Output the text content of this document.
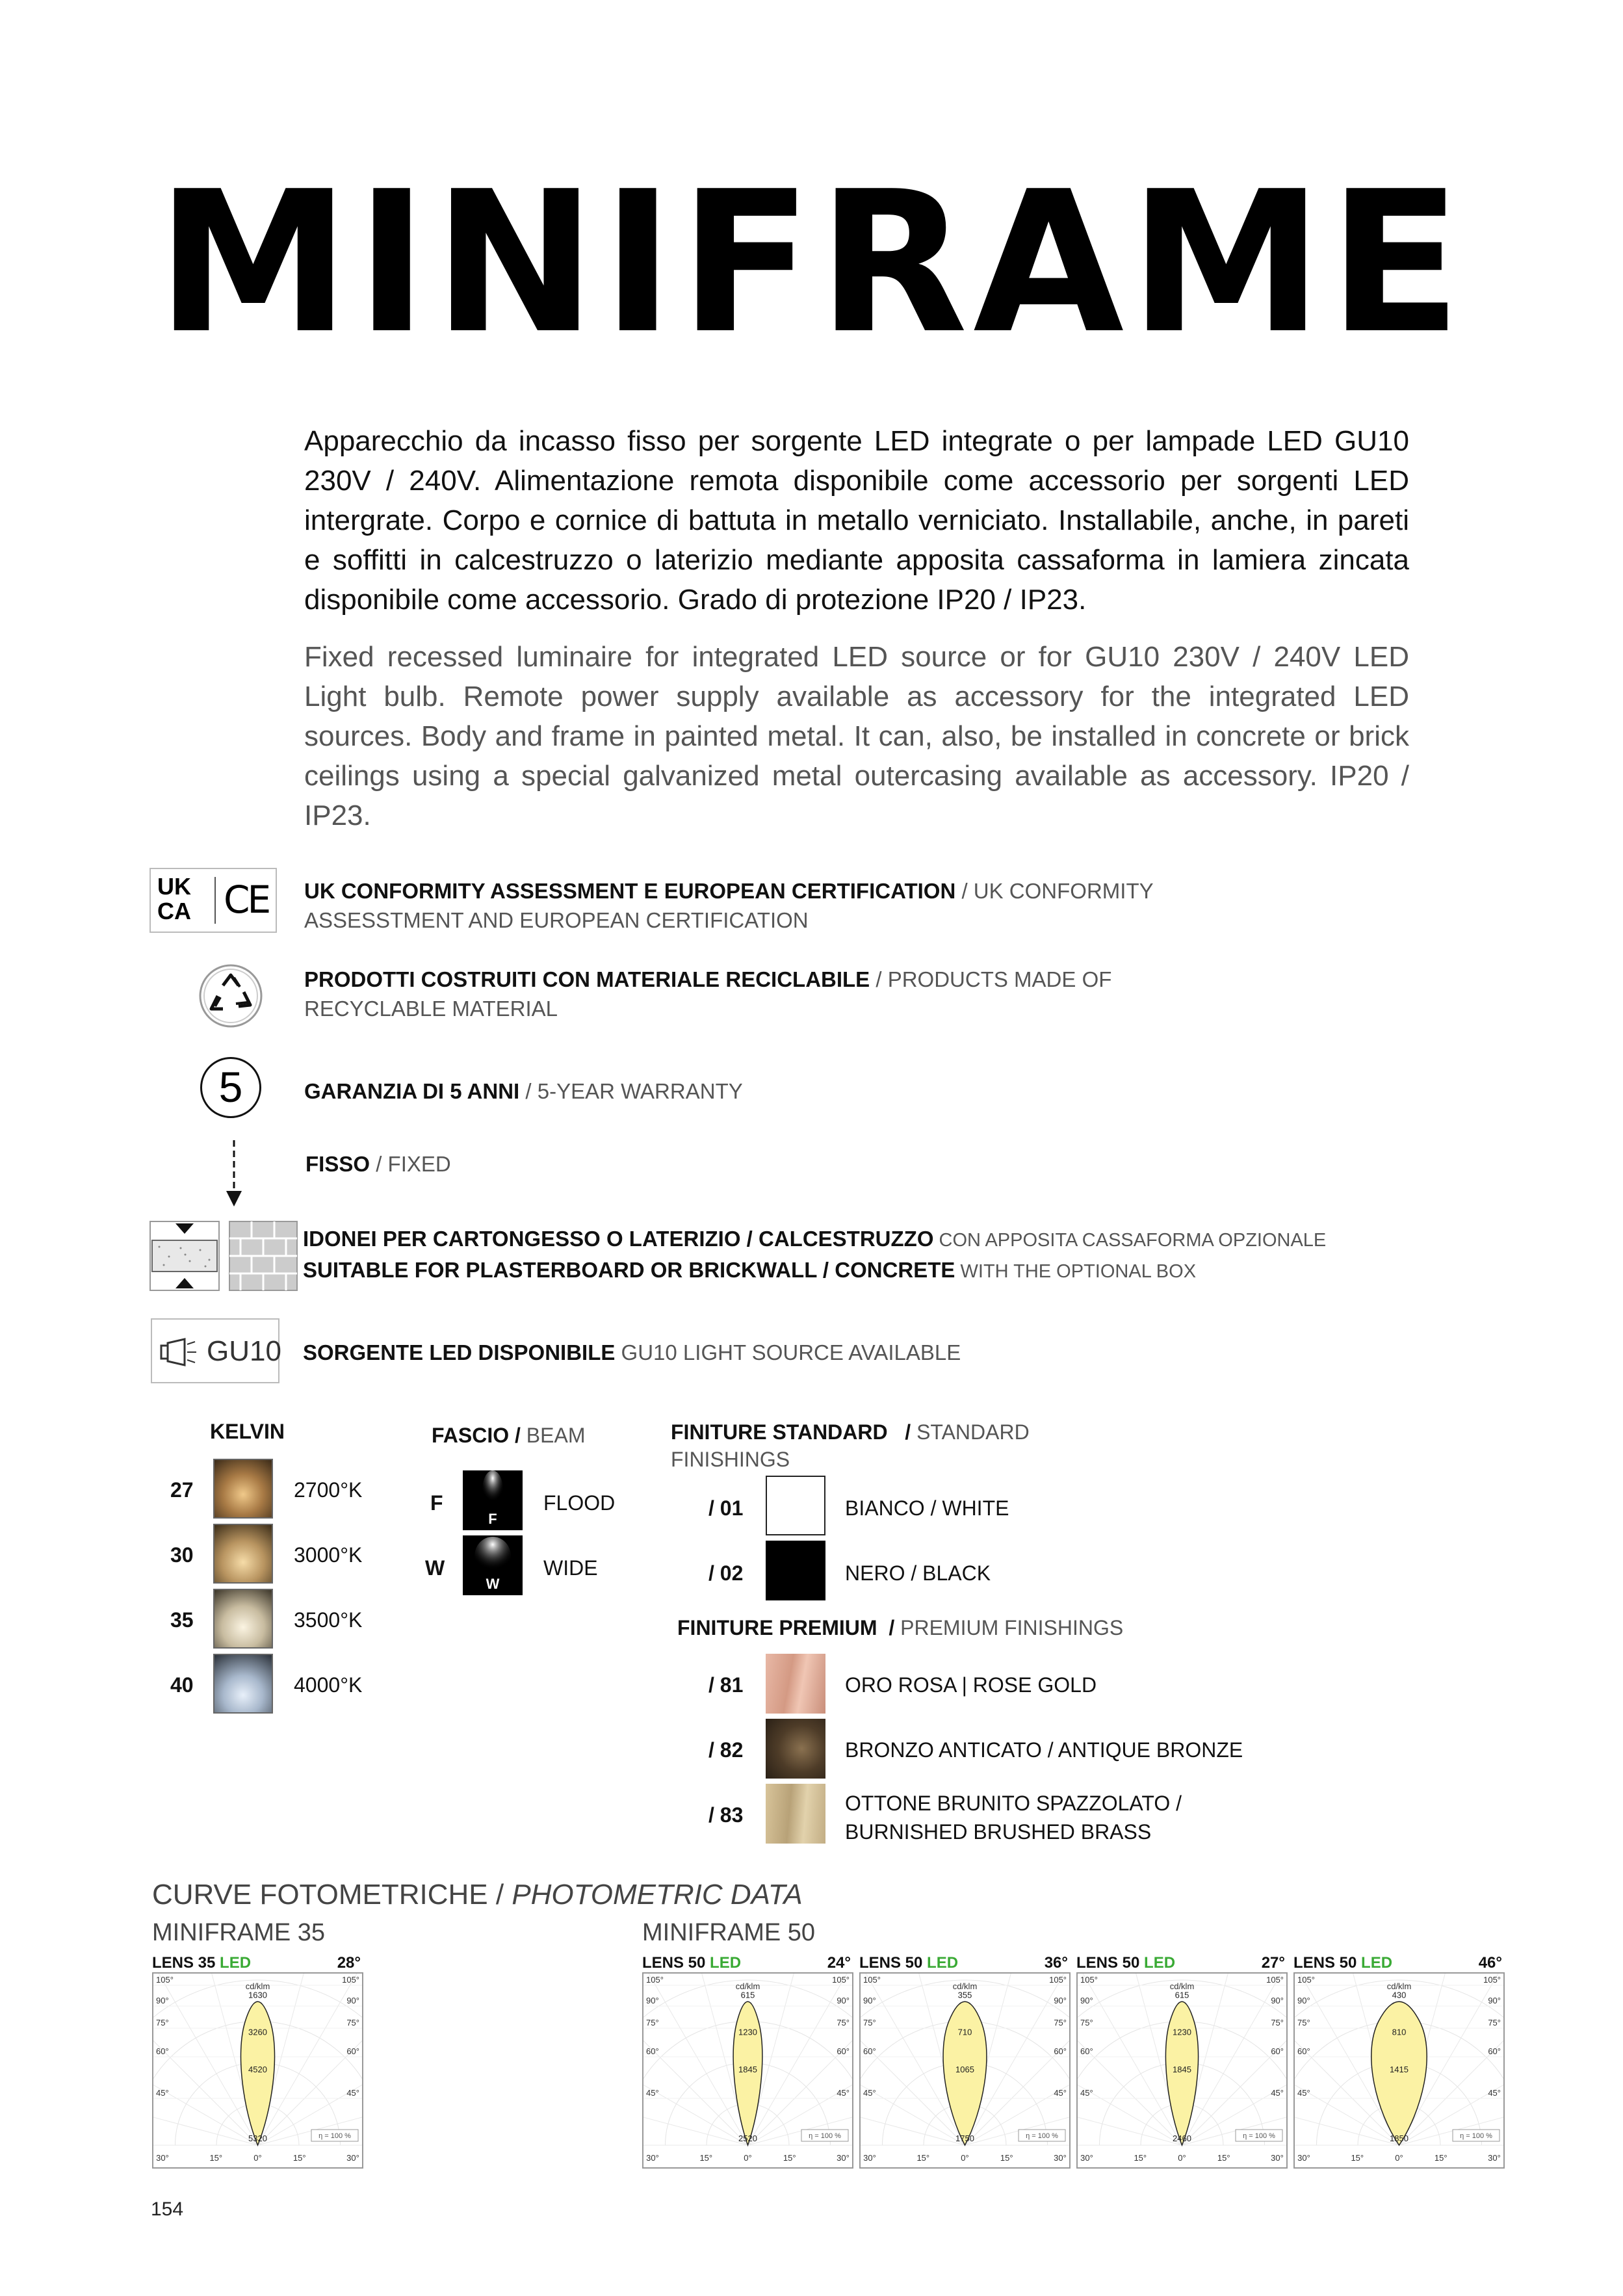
MINIFRAME
Apparecchio da incasso fisso per sorgente LED integrate o per lampade LED GU10 230V / 240V. Alimentazione remota disponibile come accessorio per sorgenti LED intergrate. Corpo e cornice di battuta in metallo verniciato. Installabile, anche, in pareti e soffitti in calcestruzzo o laterizio mediante apposita cassaforma in lamiera zincata disponibile come accessorio. Grado di protezione IP20 / IP23.
Fixed recessed luminaire for integrated LED source or for GU10 230V / 240V LED Light bulb. Remote power supply available as accessory for the integrated LED sources. Body and frame in painted metal. It can, also, be installed in concrete or brick ceilings using a special galvanized metal outercasing available as accessory. IP20 / IP23.
UK
CA CE UK CONFORMITY ASSESSMENT E EUROPEAN CERTIFICATION / UK CONFORMITY ASSESSTMENT AND EUROPEAN CERTIFICATION
PRODOTTI COSTRUITI CON MATERIALE RECICLABILE / PRODUCTS MADE OF RECYCLABLE MATERIAL
5	GARANZIA DI 5 ANNI / 5-YEAR WARRANTY
FISSO / FIXED
IDONEI PER CARTONGESSO O LATERIZIO / CALCESTRUZZO CON APPOSITA CASSAFORMA OPZIONALE
SUITABLE FOR PLASTERBOARD OR BRICKWALL / CONCRETE WITH THE OPTIONAL BOX
GU10 SORGENTE LED DISPONIBILE GU10 LIGHT SOURCE AVAILABLE
KELVIN
27	2700°K
30	3000°K
35	3500°K
40	4000°K
FASCIO / BEAM
F
F
FLOOD
W
W
WIDE
FINITURE STANDARD   / STANDARD FINISHINGS
/ 01	BIANCO / WHITE
/ 02	NERO / BLACK
FINITURE PREMIUM  / PREMIUM FINISHINGS
/ 81	ORO ROSA | ROSE GOLD
/ 82	BRONZO ANTICATO / ANTIQUE BRONZE
/ 83	OTTONE BRUNITO SPAZZOLATO /
BURNISHED BRUSHED BRASS
CURVE FOTOMETRICHE / PHOTOMETRIC DATA
MINIFRAME 35	MINIFRAME 50
LENS 35 LED	28°
cd/klm
105°	105°
90°	90°
75°	75°
60°	60°
45°	45°
1630
3260
4520
5320	η = 100 %
30°	15°	0°	15°	30°
LENS 50 LED	24°
cd/klm
105°	105°
90°	90°
75°	75°
60°	60°
45°	45°
615
1230
1845
2520	η = 100 %
30°	15°	0°	15°	30°
LENS 50 LED	36°
cd/klm
105°	105°
90°	90°
75°	75°
60°	60°
45°	45°
355
710
1065
1750	η = 100 %
30°	15°	0°	15°	30°
LENS 50 LED	27°
cd/klm
105°	105°
90°	90°
75°	75°
60°	60°
45°	45°
615
1230
1845
2460	η = 100 %
30°	15°	0°	15°	30°
LENS 50 LED	46°
cd/klm
105°	105°
90°	90°
75°	75°
60°	60°
45°	45°
430
810
1415
1850	η = 100 %
30°	15°	0°	15°	30°
154
